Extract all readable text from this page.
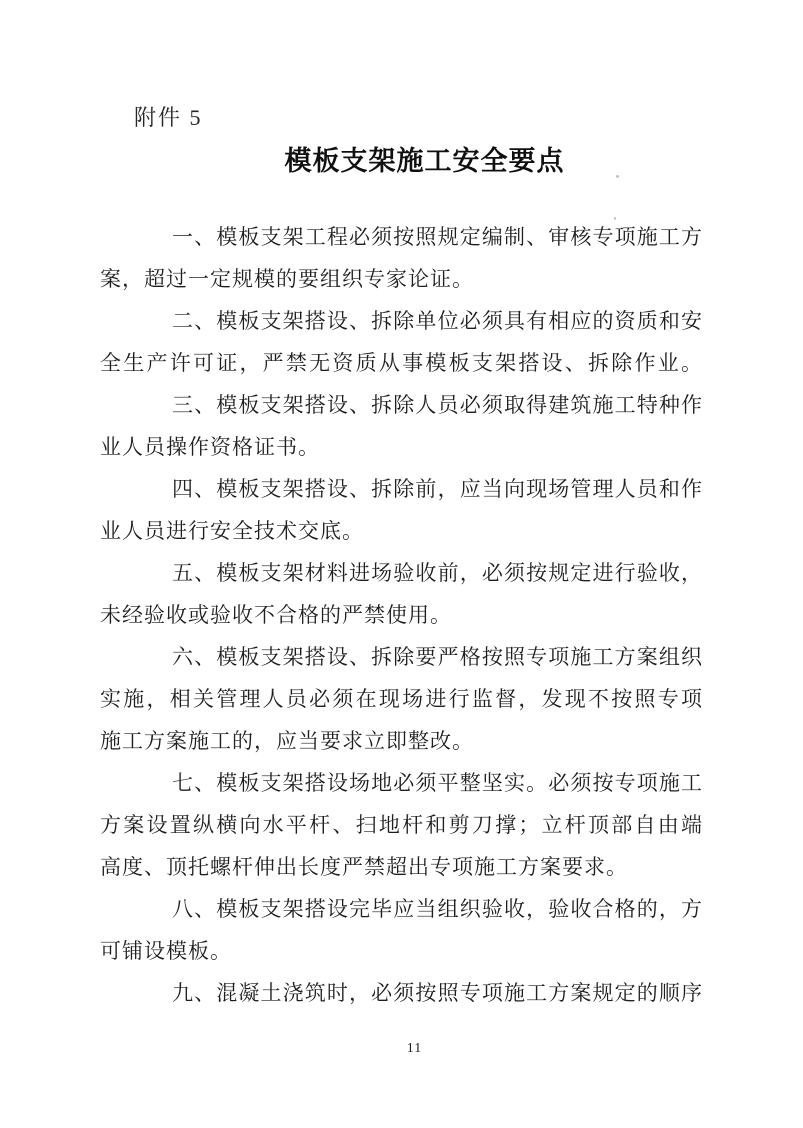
附件 5
模板支架施工安全要点
一、模板支架工程必须按照规定编制、审核专项施工方
案，超过一定规模的要组织专家论证。
二、模板支架搭设、拆除单位必须具有相应的资质和安
全生产许可证，严禁无资质从事模板支架搭设、拆除作业。
三、模板支架搭设、拆除人员必须取得建筑施工特种作
业人员操作资格证书。
四、模板支架搭设、拆除前，应当向现场管理人员和作
业人员进行安全技术交底。
五、模板支架材料进场验收前，必须按规定进行验收，
未经验收或验收不合格的严禁使用。
六、模板支架搭设、拆除要严格按照专项施工方案组织
实施，相关管理人员必须在现场进行监督，发现不按照专项
施工方案施工的，应当要求立即整改。
七、模板支架搭设场地必须平整坚实。必须按专项施工
方案设置纵横向水平杆、扫地杆和剪刀撑；立杆顶部自由端
高度、顶托螺杆伸出长度严禁超出专项施工方案要求。
八、模板支架搭设完毕应当组织验收，验收合格的，方
可铺设模板。
九、混凝土浇筑时，必须按照专项施工方案规定的顺序
11
